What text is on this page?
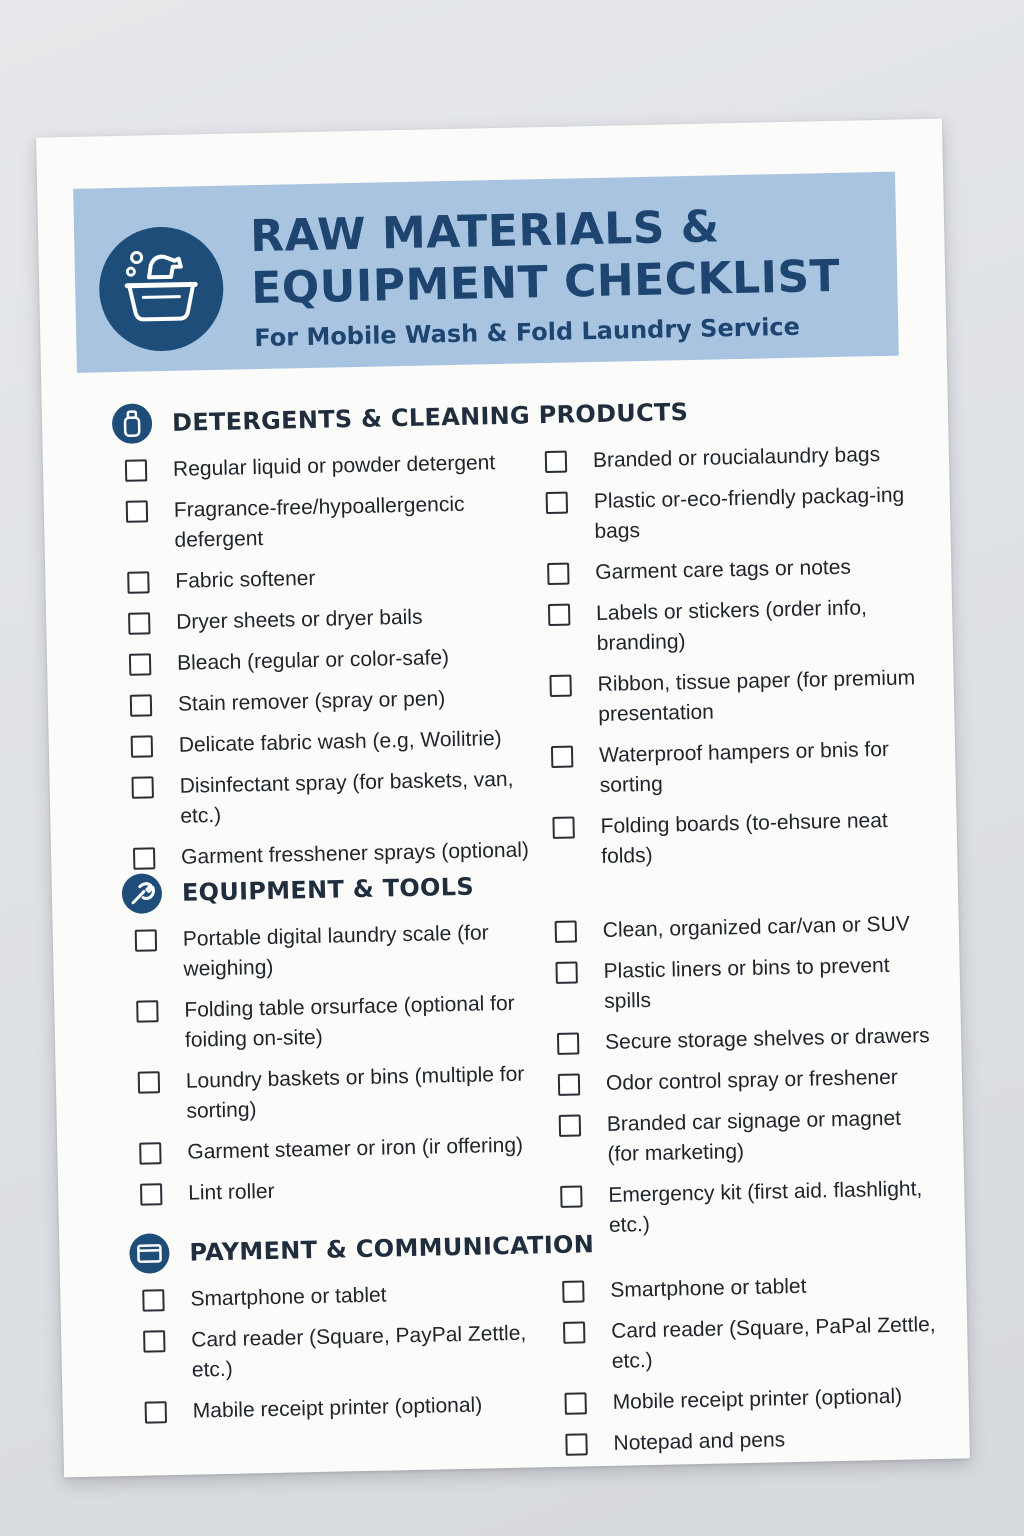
RAW MATERIALS & EQUIPMENT CHECKLIST

For Mobile Wash & Fold Laundry Service

DETERGENTS & CLEANING PRODUCTS
Regular liquid or powder detergent
Fragrance-free/hypoallergencic defergent
Fabric softener
Dryer sheets or dryer bails
Bleach (regular or color-safe)
Stain remover (spray or pen)
Delicate fabric wash (e.g, Woilitrie)
Disinfectant spray (for baskets, van, etc.)
Garment fresshener sprays (optional)
Branded or roucialaundry bags
Plastic or-eco-friendly packag-ing bags
Garment care tags or notes
Labels or stickers (order info, branding)
Ribbon, tissue paper (for premium presentation
Waterproof hampers or bnis for sorting
Folding boards (to-ehsure neat folds)
EQUIPMENT & TOOLS
Portable digital laundry scale (for weighing)
Folding table orsurface (optional for foiding on-site)
Loundry baskets or bins (multiple for sorting)
Garment steamer or iron (ir offering)
Lint roller
Clean, organized car/van or SUV
Plastic liners or bins to prevent spills
Secure storage shelves or drawers
Odor control spray or freshener
Branded car signage or magnet (for marketing)
Emergency kit (first aid. flashlight, etc.)
PAYMENT & COMMUNICATION
Smartphone or tablet
Card reader (Square, PayPal Zettle, etc.)
Mabile receipt printer (optional)
Smartphone or tablet
Card reader (Square, PaPal Zettle, etc.)
Mobile receipt printer (optional)
Notepad and pens
